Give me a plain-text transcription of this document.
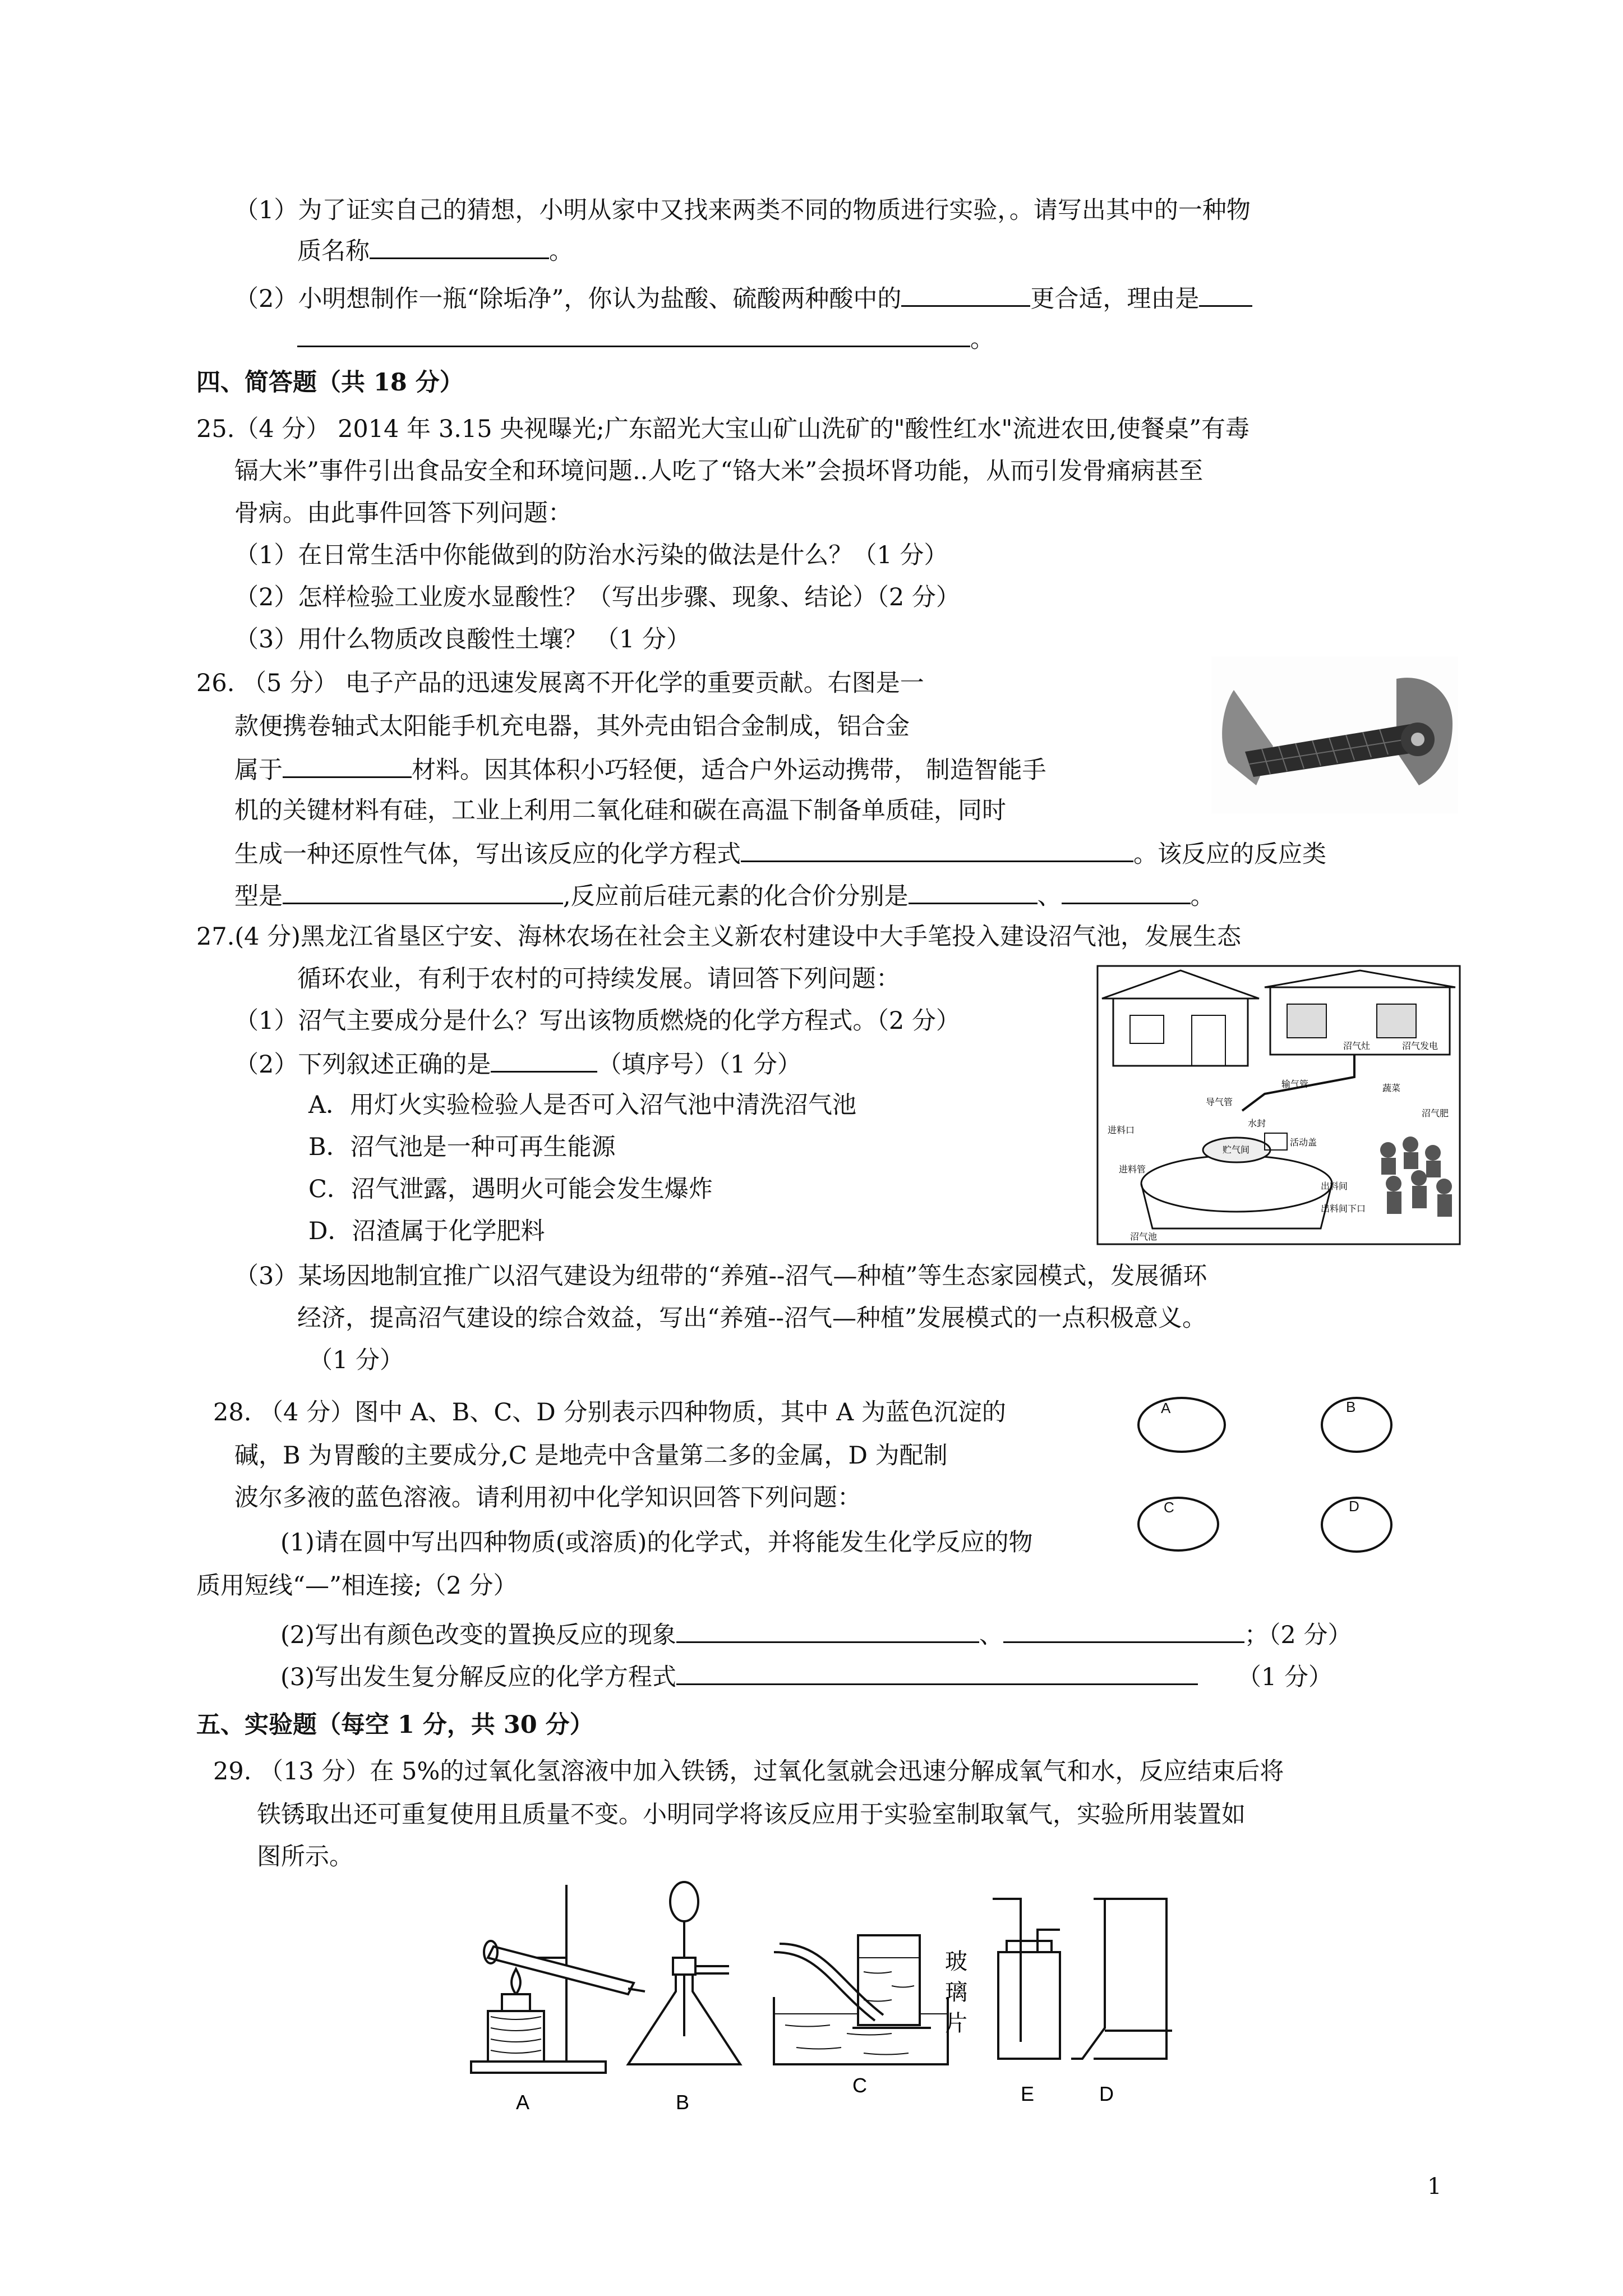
（1）为了证实自己的猜想，小明从家中又找来两类不同的物质进行实验，。请写出其中的一种物
质名称	。
（2）小明想制作一瓶“除垢净”，你认为盐酸、硫酸两种酸中的	更合适，理由是
。
四、简答题（共 18 分）
25.（4 分） 2014 年 3.15 央视曝光;广东韶光大宝山矿山洗矿的"酸性红水"流进农田,使餐桌”有毒
镉大米”事件引出食品安全和环境问题..人吃了“铬大米”会损坏肾功能，从而引发骨痛病甚至
骨病。由此事件回答下列问题：
（1）在日常生活中你能做到的防治水污染的做法是什么？（1 分）
（2）怎样检验工业废水显酸性？（写出步骤、现象、结论）（2 分）
（3）用什么物质改良酸性土壤？ （1 分）
26. （5 分） 电子产品的迅速发展离不开化学的重要贡献。右图是一
款便携卷轴式太阳能手机充电器，其外壳由铝合金制成，铝合金
属于	材料。因其体积小巧轻便，适合户外运动携带， 制造智能手
机的关键材料有硅，工业上利用二氧化硅和碳在高温下制备单质硅，同时
生成一种还原性气体，写出该反应的化学方程式	。该反应的反应类
型是	,反应前后硅元素的化合价分别是	、	。
27.(4 分)黑龙江省垦区宁安、海林农场在社会主义新农村建设中大手笔投入建设沼气池，发展生态
循环农业，有利于农村的可持续发展。请回答下列问题：
（1）沼气主要成分是什么？写出该物质燃烧的化学方程式。（2 分）
（2）下列叙述正确的是	（填序号）（1 分）
A．用灯火实验检验人是否可入沼气池中清洗沼气池
B．沼气池是一种可再生能源
C．沼气泄露，遇明火可能会发生爆炸
D．沼渣属于化学肥料
（3）某场因地制宜推广以沼气建设为纽带的“养殖--沼气—种植”等生态家园模式，发展循环
经济，提高沼气建设的综合效益，写出“养殖--沼气—种植”发展模式的一点积极意义。
（1 分）
沼气灶	沼气发电
输气管
导气管
水封
贮气间
活动盖
进料口
进料管
出料间
出料间下口
沼气池
沼气肥
蔬菜
28. （4 分）图中 A、B、C、D 分别表示四种物质，其中 A 为蓝色沉淀的
碱，B 为胃酸的主要成分,C 是地壳中含量第二多的金属，D 为配制
波尔多液的蓝色溶液。请利用初中化学知识回答下列问题：
(1)请在圆中写出四种物质(或溶质)的化学式，并将能发生化学反应的物
质用短线“—”相连接;（2 分）
(2)写出有颜色改变的置换反应的现象	、	；（2 分）
(3)写出发生复分解反应的化学方程式	（1 分）
A	B
C	D
五、实验题（每空 1 分，共 30 分）
29. （13 分）在 5%的过氧化氢溶液中加入铁锈，过氧化氢就会迅速分解成氧气和水，反应结束后将
铁锈取出还可重复使用且质量不变。小明同学将该反应用于实验室制取氧气，实验所用装置如
图所示。
A	B
玻
璃
片
C	E	D
1
